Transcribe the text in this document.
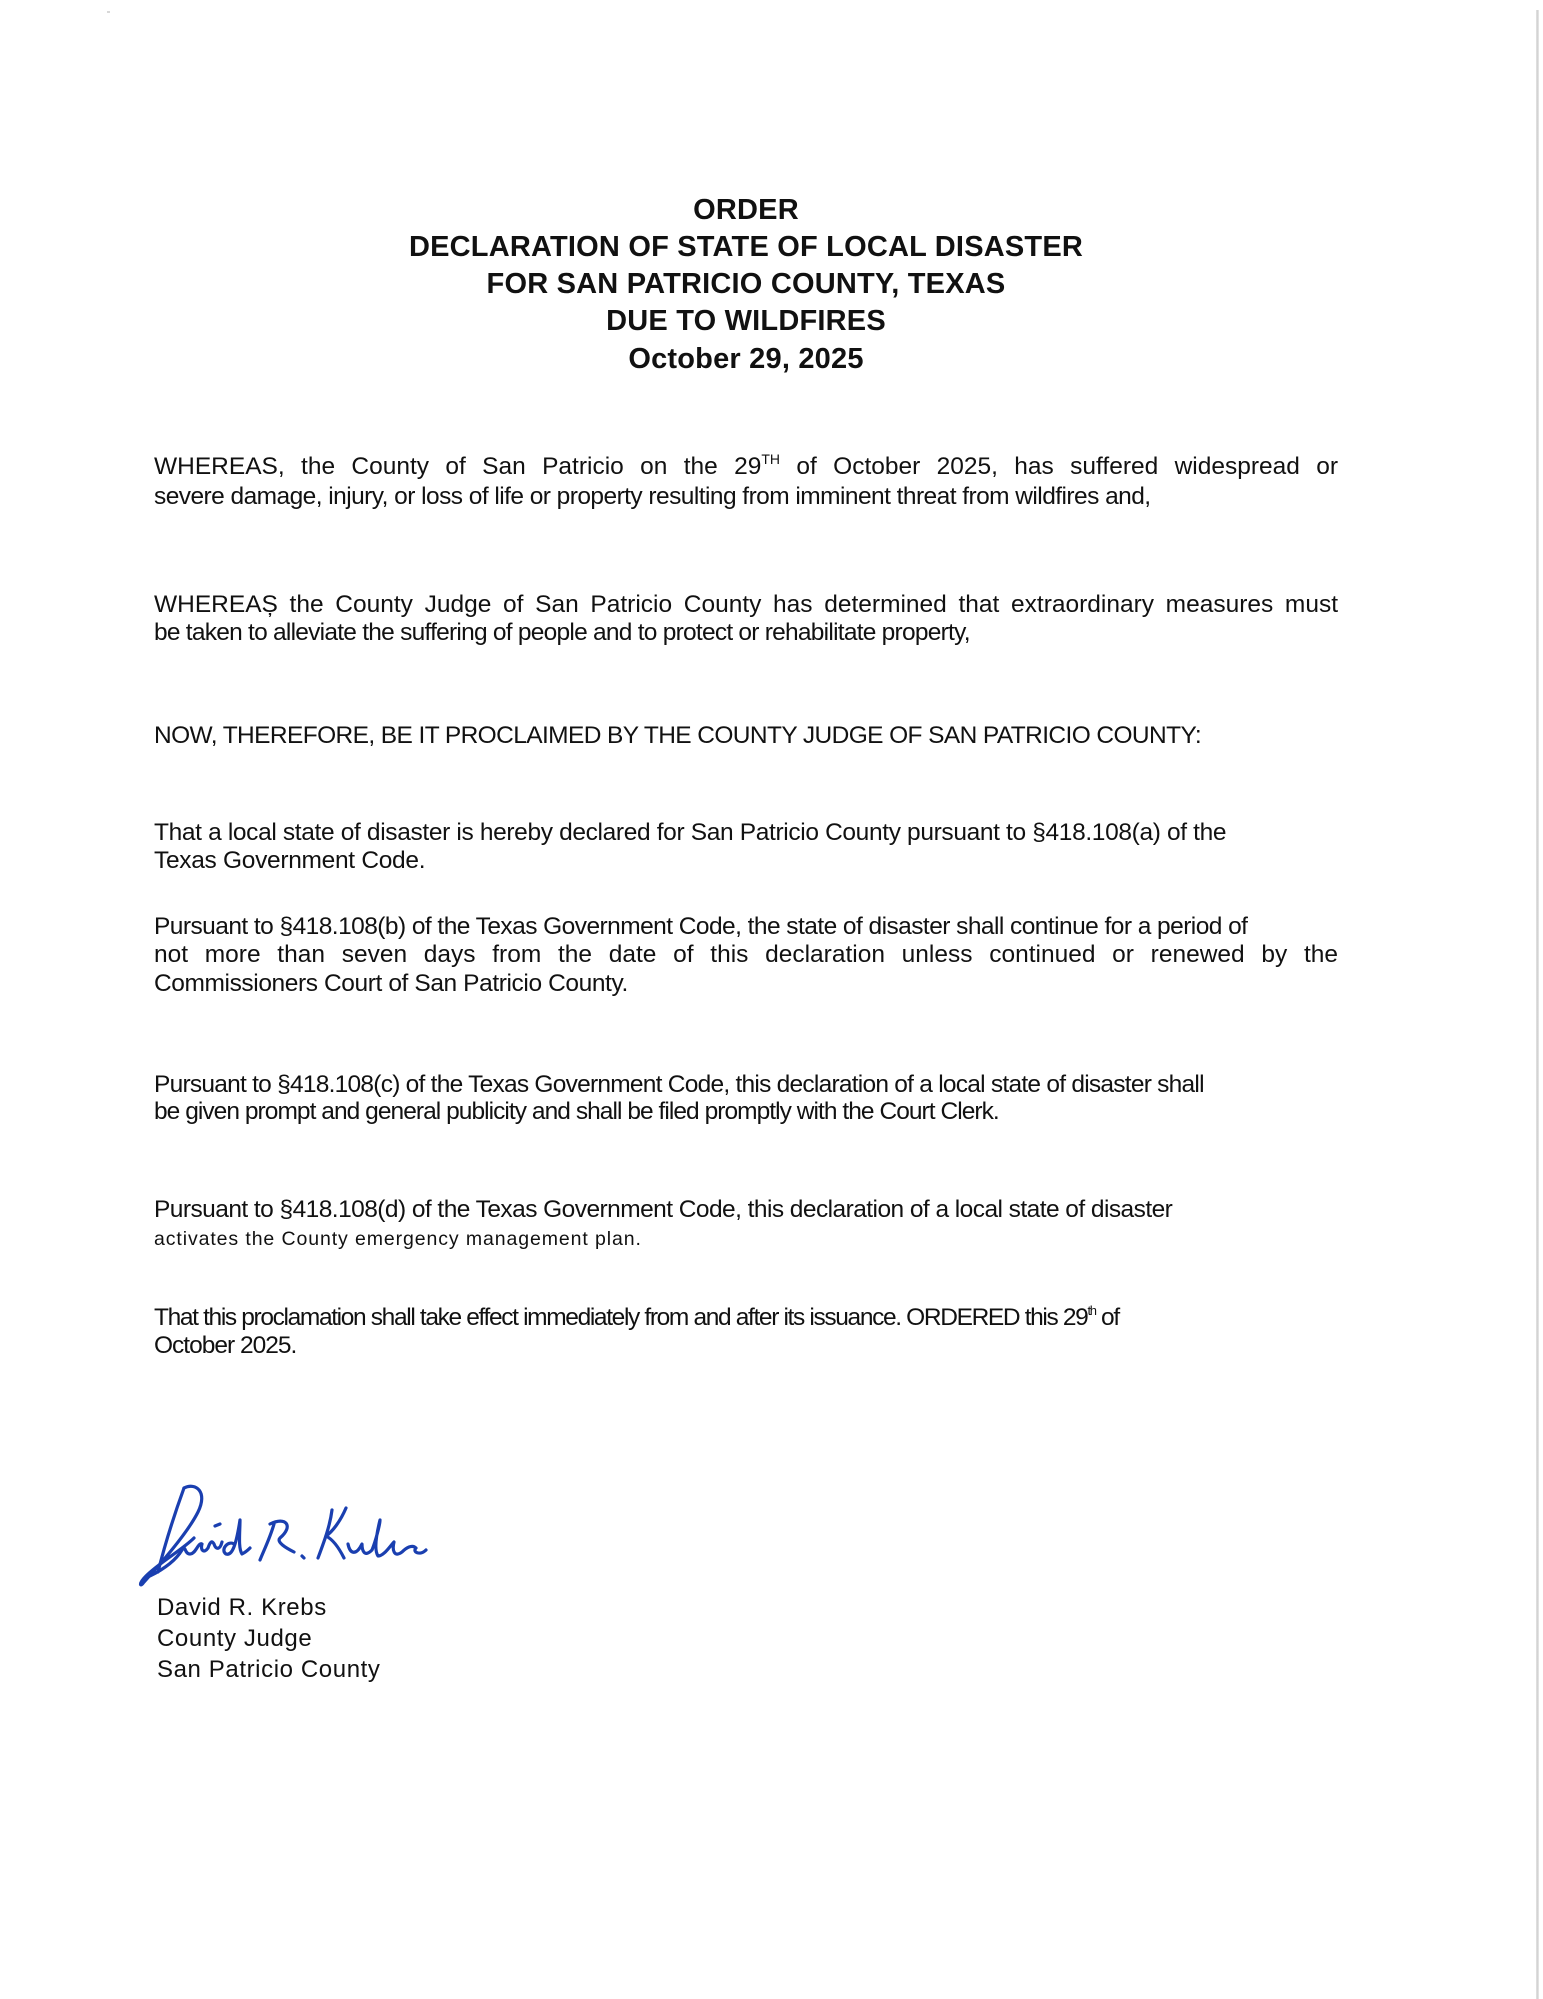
ORDER
DECLARATION OF STATE OF LOCAL DISASTER
FOR SAN PATRICIO COUNTY, TEXAS
DUE TO WILDFIRES
October 29, 2025
WHEREAS, the County of San Patricio on the 29TH of October 2025, has suffered widespread or
severe damage, injury, or loss of life or property resulting from imminent threat from wildfires and,
WHEREAȘ the County Judge of San Patricio County has determined that extraordinary measures must
be taken to alleviate the suffering of people and to protect or rehabilitate property,
NOW, THEREFORE, BE IT PROCLAIMED BY THE COUNTY JUDGE OF SAN PATRICIO COUNTY:
That a local state of disaster is hereby declared for San Patricio County pursuant to §418.108(a) of the
Texas Government Code.
Pursuant to §418.108(b) of the Texas Government Code, the state of disaster shall continue for a period of
not more than seven days from the date of this declaration unless continued or renewed by the
Commissioners Court of San Patricio County.
Pursuant to §418.108(c) of the Texas Government Code, this declaration of a local state of disaster shall
be given prompt and general publicity and shall be filed promptly with the Court Clerk.
Pursuant to §418.108(d) of the Texas Government Code, this declaration of a local state of disaster
activates the County emergency management plan.
That this proclamation shall take effect immediately from and after its issuance. ORDERED this 29th of
October 2025.
David R. Krebs
County Judge
San Patricio County
